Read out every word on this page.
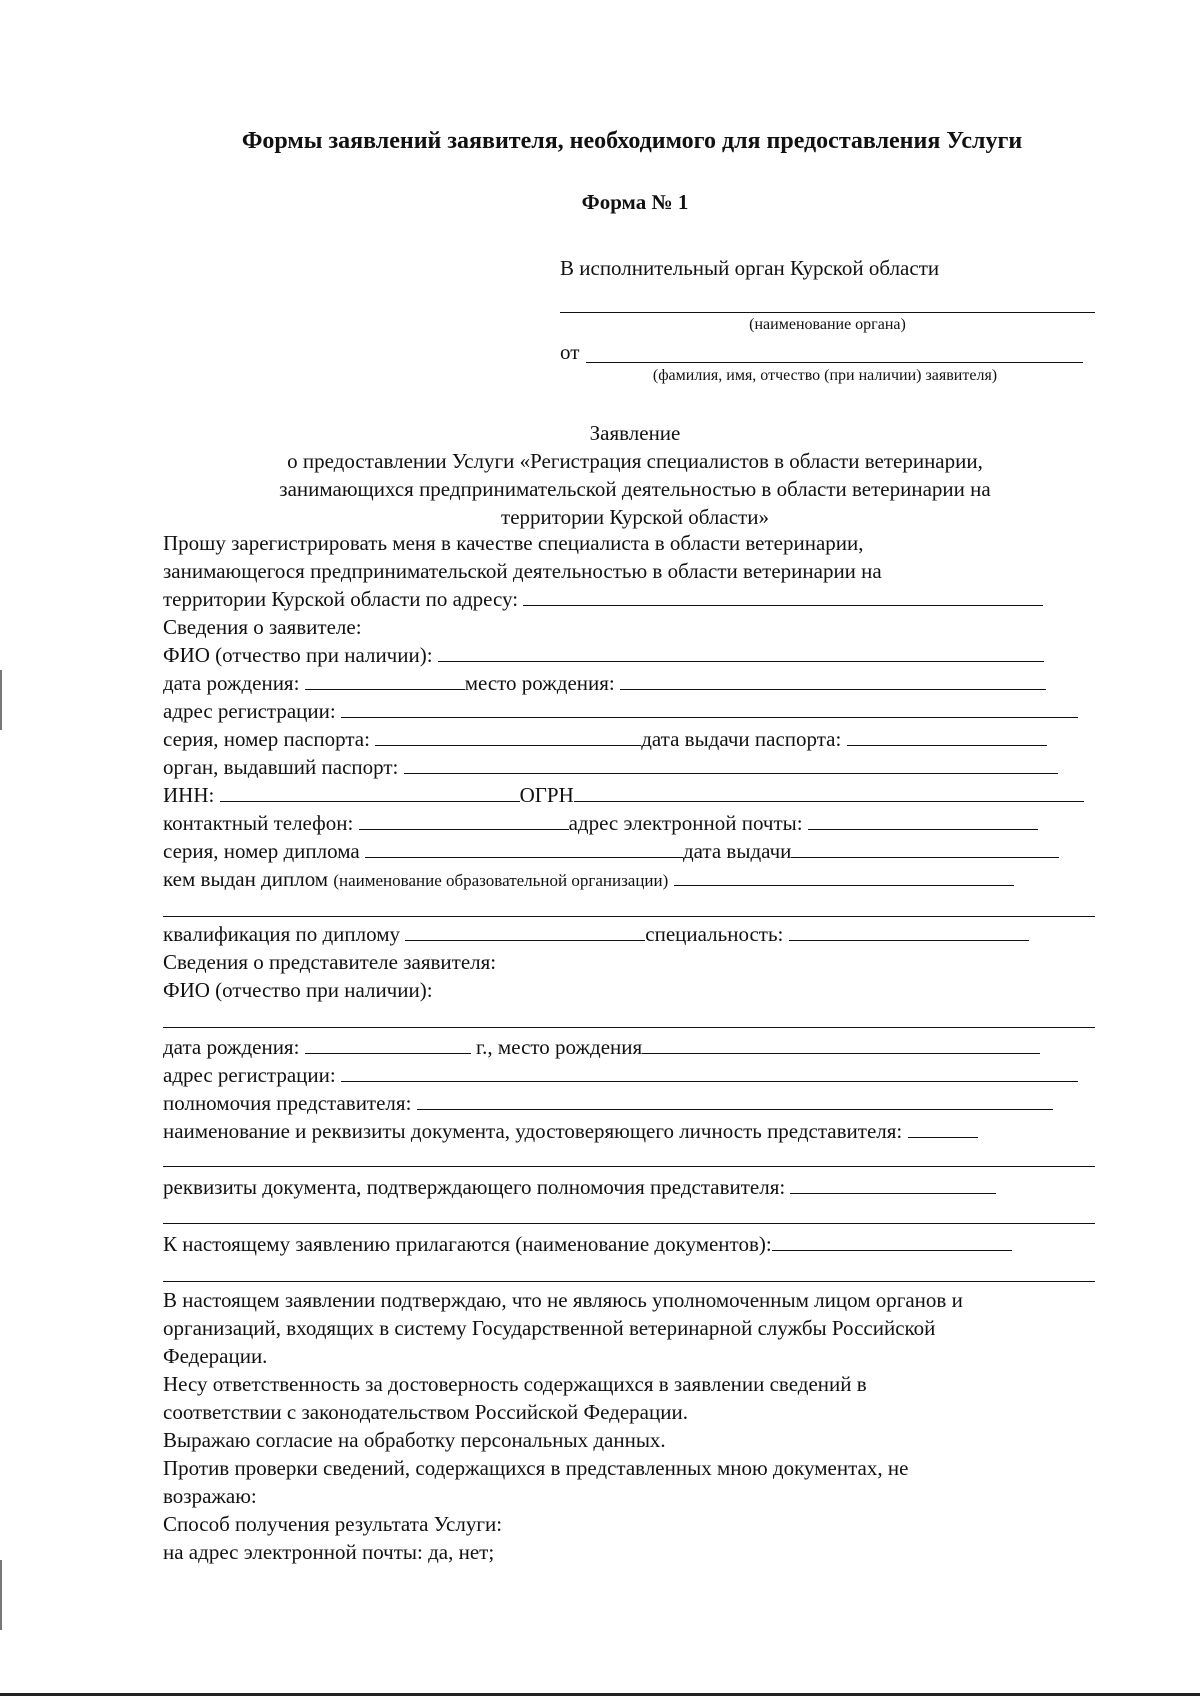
Формы заявлений заявителя, необходимого для предоставления Услуги
Форма № 1
В исполнительный орган Курской области
(наименование органа)
от
(фамилия, имя, отчество (при наличии) заявителя)
Заявление
о предоставлении Услуги «Регистрация специалистов в области ветеринарии,
занимающихся предпринимательской деятельностью в области ветеринарии на
территории Курской области»
Прошу зарегистрировать меня в качестве специалиста в области ветеринарии,
занимающегося предпринимательской деятельностью в области ветеринарии на
территории Курской области по адресу:
Сведения о заявителе:
ФИО (отчество при наличии):
дата рождения:	место рождения:
адрес регистрации:
серия, номер паспорта:	дата выдачи паспорта:
орган, выдавший паспорт:
ИНН:	ОГРН
контактный телефон:	адрес электронной почты:
серия, номер диплома	дата выдачи
кем выдан диплом (наименование образовательной организации)
квалификация по диплому	специальность:
Сведения о представителе заявителя:
ФИО (отчество при наличии):
дата рождения:	г., место рождения
адрес регистрации:
полномочия представителя:
наименование и реквизиты документа, удостоверяющего личность представителя:
реквизиты документа, подтверждающего полномочия представителя:
К настоящему заявлению прилагаются (наименование документов):
В настоящем заявлении подтверждаю, что не являюсь уполномоченным лицом органов и
организаций, входящих в систему Государственной ветеринарной службы Российской
Федерации.
Несу ответственность за достоверность содержащихся в заявлении сведений в
соответствии с законодательством Российской Федерации.
Выражаю согласие на обработку персональных данных.
Против проверки сведений, содержащихся в представленных мною документах, не
возражаю:
Способ получения результата Услуги:
на адрес электронной почты: да, нет;
